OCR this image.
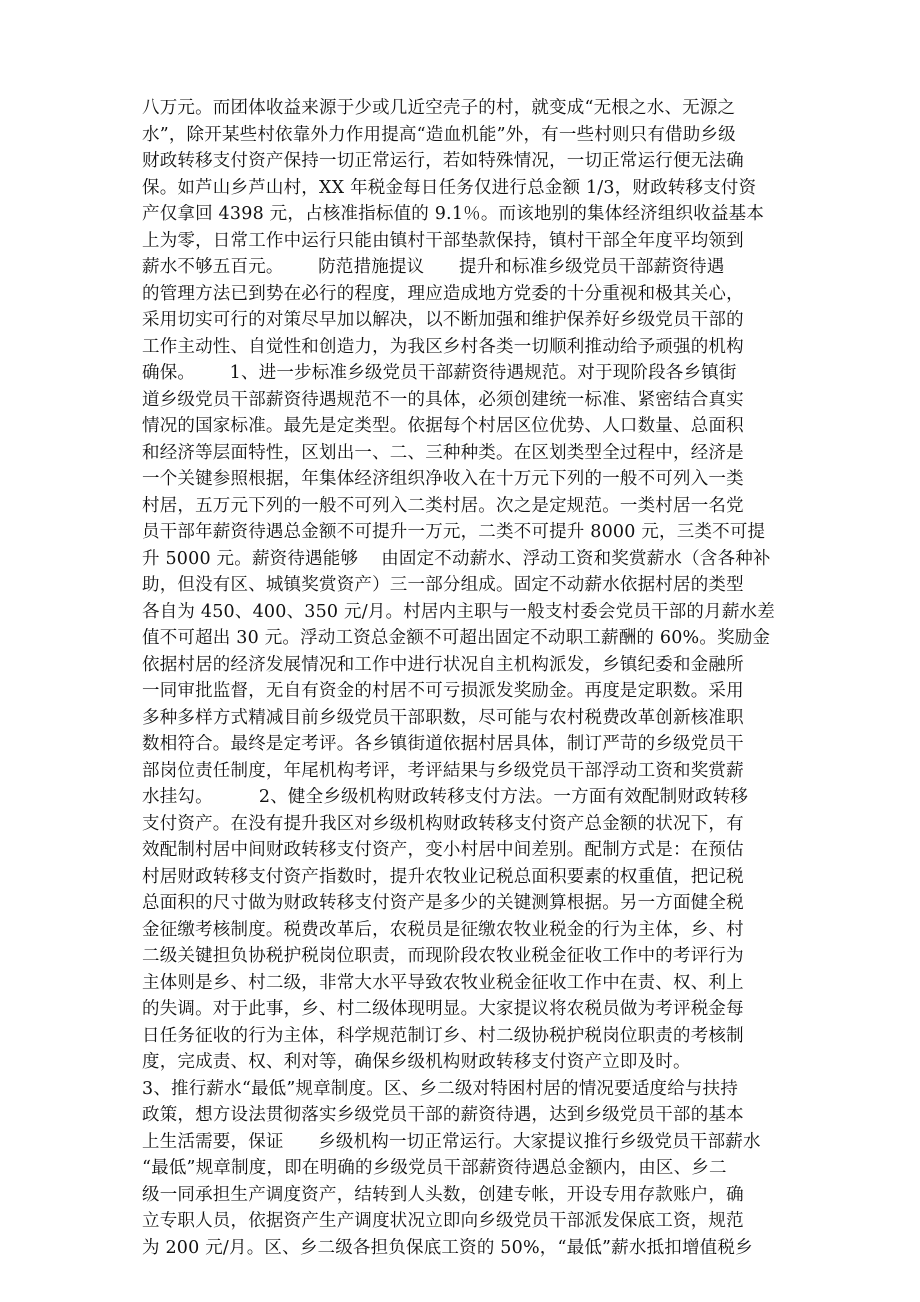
八万元。而团体收益来源于少或几近空壳子的村，就变成“无根之水、无源之
水”，除开某些村依靠外力作用提高“造血机能”外，有一些村则只有借助乡级
财政转移支付资产保持一切正常运行，若如特殊情况，一切正常运行便无法确
保。如芦山乡芦山村，XX 年税金每日任务仅进行总金额 1/3，财政转移支付资
产仅拿回 4398 元，占核准指标值的 9.1％。而该地别的集体经济组织收益基本
上为零，日常工作中运行只能由镇村干部垫款保持，镇村干部全年度平均领到
薪水不够五百元。      防范措施提议      提升和标准乡级党员干部薪资待遇
的管理方法已到势在必行的程度，理应造成地方党委的十分重视和极其关心，
采用切实可行的对策尽早加以解决，以不断加强和维护保养好乡级党员干部的
工作主动性、自觉性和创造力，为我区乡村各类一切顺利推动给予顽强的机构
确保。      1、进一步标准乡级党员干部薪资待遇规范。对于现阶段各乡镇街
道乡级党员干部薪资待遇规范不一的具体，必须创建统一标准、紧密结合真实
情况的国家标准。最先是定类型。依据每个村居区位优势、人口数量、总面积
和经济等层面特性，区划出一、二、三种种类。在区划类型全过程中，经济是
一个关键参照根据，年集体经济组织净收入在十万元下列的一般不可列入一类
村居，五万元下列的一般不可列入二类村居。次之是定规范。一类村居一名党
员干部年薪资待遇总金额不可提升一万元，二类不可提升 8000 元，三类不可提
升 5000 元。薪资待遇能够    由固定不动薪水、浮动工资和奖赏薪水（含各种补
助，但没有区、城镇奖赏资产）三一部分组成。固定不动薪水依据村居的类型
各自为 450、400、350 元/月。村居内主职与一般支村委会党员干部的月薪水差
值不可超出 30 元。浮动工资总金额不可超出固定不动职工薪酬的 60%。奖励金
依据村居的经济发展情况和工作中进行状况自主机构派发，乡镇纪委和金融所
一同审批监督，无自有资金的村居不可亏损派发奖励金。再度是定职数。采用
多种多样方式精减目前乡级党员干部职数，尽可能与农村税费改革创新核准职
数相符合。最终是定考评。各乡镇街道依据村居具体，制订严苛的乡级党员干
部岗位责任制度，年尾机构考评，考评結果与乡级党员干部浮动工资和奖赏薪
水挂勾。        2、健全乡级机构财政转移支付方法。一方面有效配制财政转移
支付资产。在没有提升我区对乡级机构财政转移支付资产总金额的状况下，有
效配制村居中间财政转移支付资产，变小村居中间差别。配制方式是：在预估
村居财政转移支付资产指数时，提升农牧业记税总面积要素的权重值，把记税
总面积的尺寸做为财政转移支付资产是多少的关键测算根据。另一方面健全税
金征缴考核制度。税费改革后，农税员是征缴农牧业税金的行为主体，乡、村
二级关键担负协税护税岗位职责，而现阶段农牧业税金征收工作中的考评行为
主体则是乡、村二级，非常大水平导致农牧业税金征收工作中在责、权、利上
的失调。对于此事，乡、村二级体现明显。大家提议将农税员做为考评税金每
日任务征收的行为主体，科学规范制订乡、村二级协税护税岗位职责的考核制
度，完成责、权、利对等，确保乡级机构财政转移支付资产立即及时。
3、推行薪水“最低”规章制度。区、乡二级对特困村居的情况要适度给与扶持
政策，想方设法贯彻落实乡级党员干部的薪资待遇，达到乡级党员干部的基本
上生活需要，保证      乡级机构一切正常运行。大家提议推行乡级党员干部薪水
“最低”规章制度，即在明确的乡级党员干部薪资待遇总金额内，由区、乡二
级一同承担生产调度资产，结转到人头数，创建专帐，开设专用存款账户，确
立专职人员，依据资产生产调度状况立即向乡级党员干部派发保底工资，规范
为 200 元/月。区、乡二级各担负保底工资的 50%，“最低”薪水抵扣增值税乡
